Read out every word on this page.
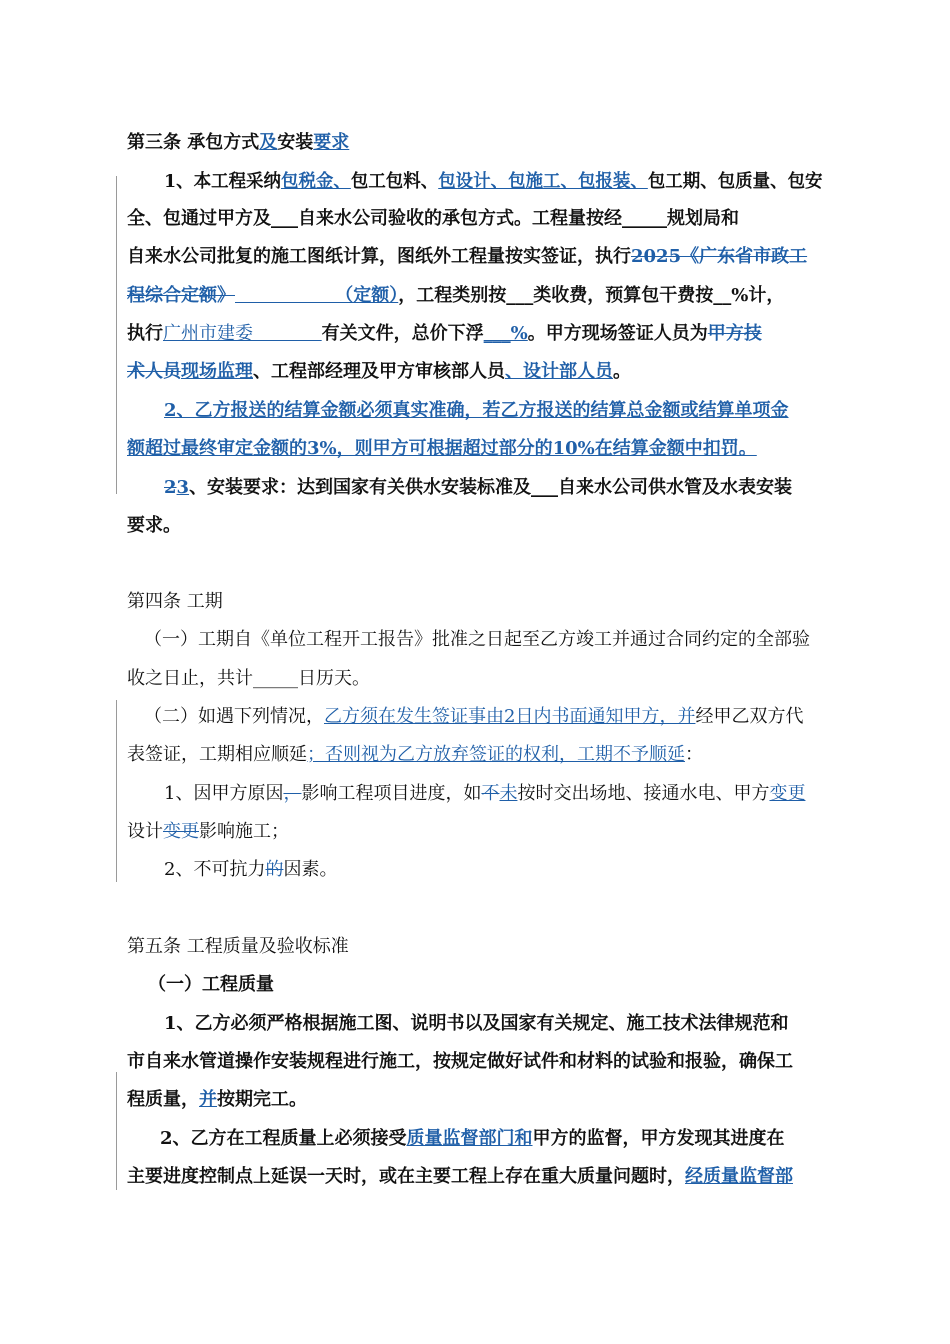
第三条 承包方式及安装要求
1、本工程采纳包税金、包工包料、包设计、包施工、包报装、包工期、包质量、包安
全、包通过甲方及___自来水公司验收的承包方式。工程量按经_____规划局和
自来水公司批复的施工图纸计算，图纸外工程量按实签证，执行2025《广东省市政工
程综合定额》                （定额），工程类别按___类收费，预算包干费按__%计，
执行广州市建委            有关文件，总价下浮___%。甲方现场签证人员为甲方技
术人员现场监理、工程部经理及甲方审核部人员、设计部人员。
2、乙方报送的结算金额必须真实准确，若乙方报送的结算总金额或结算单项金
额超过最终审定金额的3%，则甲方可根据超过部分的10%在结算金额中扣罚。
23、安装要求：达到国家有关供水安装标准及___自来水公司供水管及水表安装
要求。
第四条 工期
（一）工期自《单位工程开工报告》批准之日起至乙方竣工并通过合同约定的全部验
收之日止，共计_____日历天。
（二）如遇下列情况，乙方须在发生签证事由2日内书面通知甲方，并经甲乙双方代
表签证，工期相应顺延；否则视为乙方放弃签证的权利，工期不予顺延：
1、因甲方原因，影响工程项目进度，如不未按时交出场地、接通水电、甲方变更
设计变更影响施工；
2、不可抗力的因素。
第五条 工程质量及验收标准
（一）工程质量
1、乙方必须严格根据施工图、说明书以及国家有关规定、施工技术法律规范和
市自来水管道操作安装规程进行施工，按规定做好试件和材料的试验和报验，确保工
程质量，并按期完工。
2、乙方在工程质量上必须接受质量监督部门和甲方的监督，甲方发现其进度在
主要进度控制点上延误一天时，或在主要工程上存在重大质量问题时，经质量监督部
